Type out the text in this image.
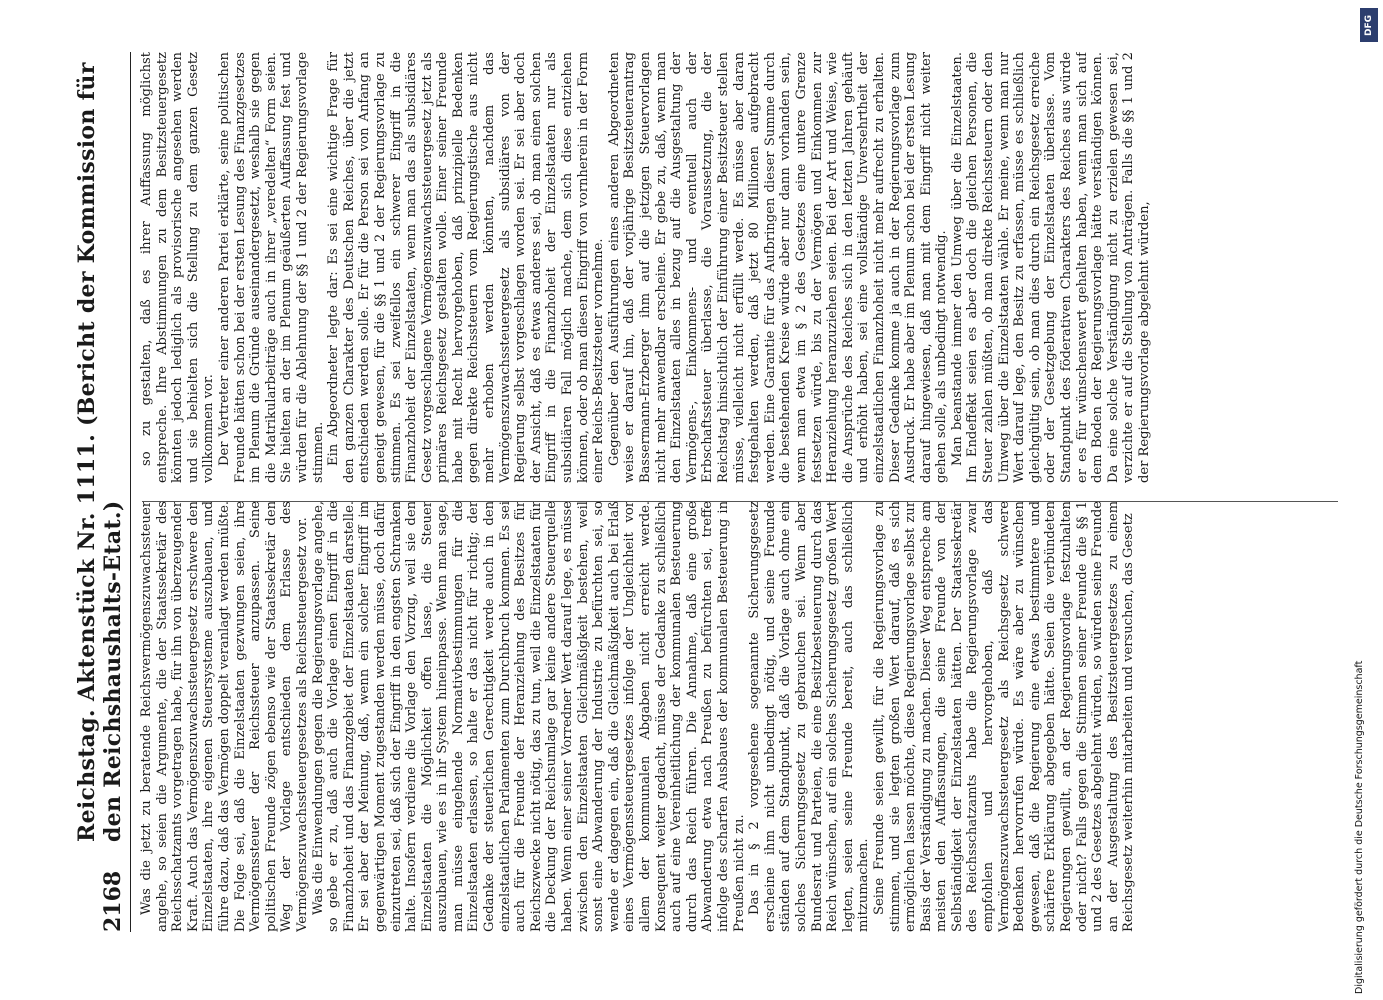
2168
Reichstag. Aktenstück Nr. 1111. (Bericht der Kommission für den Reichshaushalts-Etat.) Was die jetzt zu beratende Reichsvermögenszuwachssteuer angehe, so seien die Argumente, die der Staatssekretär des Reichsschatzamts vorgetragen habe, für ihn von überzeugender Kraft. Auch das Vermögenszuwachssteuergesetz erschwere den Einzelstaaten, ihre eigenen Steuersysteme auszubauen, und führe dazu, daß das Vermögen doppelt veranlagt werden müßte. Die Folge sei, daß die Einzelstaaten gezwungen seien, ihre Vermögenssteuer der Reichssteuer anzupassen. Seine politischen Freunde zögen ebenso wie der Staatssekretär den Weg der Vorlage entschieden dem Erlasse des Vermögenszuwachssteuergesetzes als Reichssteuergesetz vor. Was die Einwendungen gegen die Regierungsvorlage angehe, so gebe er zu, daß auch die Vorlage einen Eingriff in die Finanzhoheit und das Finanzgebiet der Einzelstaaten darstelle. Er sei aber der Meinung, daß, wenn ein solcher Eingriff im gegenwärtigen Moment zugestanden werden müsse, doch dafür einzutreten sei, daß sich der Eingriff in den engsten Schranken halte. Insofern verdiene die Vorlage den Vorzug, weil sie den Einzelstaaten die Möglichkeit offen lasse, die Steuer auszubauen, wie es in ihr System hineinpasse. Wenn man sage, man müsse eingehende Normativbestimmungen für die Einzelstaaten erlassen, so halte er das nicht für richtig; der Gedanke der steuerlichen Gerechtigkeit werde auch in den einzelstaatlichen Parlamenten zum Durchbruch kommen. Es sei auch für die Freunde der Heranziehung des Besitzes für Reichszwecke nicht nötig, das zu tun, weil die Einzelstaaten für die Deckung der Reichsumlage gar keine andere Steuerquelle haben. Wenn einer seiner Vorredner Wert darauf lege, es müsse zwischen den Einzelstaaten Gleichmäßigkeit bestehen, weil sonst eine Abwanderung der Industrie zu befürchten sei, so wende er dagegen ein, daß die Gleichmäßigkeit auch bei Erlaß eines Vermögenssteuergesetzes infolge der Ungleichheit vor allem der kommunalen Abgaben nicht erreicht werde. Konsequent weiter gedacht, müsse der Gedanke zu schließlich auch auf eine Vereinheitlichung der kommunalen Besteuerung durch das Reich führen. Die Annahme, daß eine große Abwanderung etwa nach Preußen zu befürchten sei, treffe infolge des scharfen Ausbaues der kommunalen Besteuerung in Preußen nicht zu. Das in § 2 vorgesehene sogenannte Sicherungsgesetz erscheine ihm nicht unbedingt nötig, und seine Freunde ständen auf dem Standpunkt, daß die Vorlage auch ohne ein solches Sicherungsgesetz zu gebrauchen sei. Wenn aber Bundesrat und Parteien, die eine Besitzbesteuerung durch das Reich wünschen, auf ein solches Sicherungsgesetz großen Wert legten, seien seine Freunde bereit, auch das schließlich mitzumachen. Seine Freunde seien gewillt, für die Regierungsvorlage zu stimmen, und sie legten großen Wert darauf, daß es sich ermöglichen lassen möchte, diese Regierungsvorlage selbst zur Basis der Verständigung zu machen. Dieser Weg entspreche am meisten den Auffassungen, die seine Freunde von der Selbständigkeit der Einzelstaaten hätten. Der Staatssekretär des Reichsschatzamts habe die Regierungsvorlage zwar empfohlen und hervorgehoben, daß das Vermögenszuwachssteuergesetz als Reichsgesetz schwere Bedenken hervorrufen würde. Es wäre aber zu wünschen gewesen, daß die Regierung eine etwas bestimmtere und schärfere Erklärung abgegeben hätte. Seien die verbündeten Regierungen gewillt, an der Regierungsvorlage festzuhalten oder nicht? Falls gegen die Stimmen seiner Freunde die §§ 1 und 2 des Gesetzes abgelehnt würden, so würden seine Freunde an der Ausgestaltung des Besitzsteuergesetzes zu einem Reichsgesetz weiterhin mitarbeiten und versuchen, das Gesetz

so zu gestalten, daß es ihrer Auffassung möglichst entspreche. Ihre Abstimmungen zu dem Besitzsteuergesetz könnten jedoch lediglich als provisorische angesehen werden und sie behielten sich die Stellung zu dem ganzen Gesetz vollkommen vor. Der Vertreter einer anderen Partei erklärte, seine politischen Freunde hätten schon bei der ersten Lesung des Finanzgesetzes im Plenum die Gründe auseinandergesetzt, weshalb sie gegen die Matrikularbeiträge auch in ihrer „veredelten“ Form seien. Sie hielten an der im Plenum geäußerten Auffassung fest und würden für die Ablehnung der §§ 1 und 2 der Regierungsvorlage stimmen. Ein Abgeordneter legte dar: Es sei eine wichtige Frage für den ganzen Charakter des Deutschen Reiches, über die jetzt entschieden werden solle. Er für die Person sei von Anfang an geneigt gewesen, für die §§ 1 und 2 der Regierungsvorlage zu stimmen. Es sei zweifellos ein schwerer Eingriff in die Finanzhoheit der Einzelstaaten, wenn man das als subsidiäres Gesetz vorgeschlagene Vermögenszuwachssteuergesetz jetzt als primäres Reichsgesetz gestalten wolle. Einer seiner Freunde habe mit Recht hervorgehoben, daß prinzipielle Bedenken gegen direkte Reichssteuern vom Regierungstische aus nicht mehr erhoben werden könnten, nachdem das Vermögenszuwachssteuergesetz als subsidiäres von der Regierung selbst vorgeschlagen worden sei. Er sei aber doch der Ansicht, daß es etwas anderes sei, ob man einen solchen Eingriff in die Finanzhoheit der Einzelstaaten nur als subsidiären Fall möglich mache, dem sich diese entziehen können, oder ob man diesen Eingriff von vornherein in der Form einer Reichs-Besitzsteuer vornehme. Gegenüber den Ausführungen eines anderen Abgeordneten weise er darauf hin, daß der vorjährige Besitzsteuerantrag Bassermann-Erzberger ihm auf die jetzigen Steuervorlagen nicht mehr anwendbar erscheine. Er gebe zu, daß, wenn man den Einzelstaaten alles in bezug auf die Ausgestaltung der Vermögens-, Einkommens- und eventuell auch der Erbschaftssteuer überlasse, die Voraussetzung, die der Reichstag hinsichtlich der Einführung einer Besitzsteuer stellen müsse, vielleicht nicht erfüllt werde. Es müsse aber daran festgehalten werden, daß jetzt 80 Millionen aufgebracht werden. Eine Garantie für das Aufbringen dieser Summe durch die bestehenden Kreise würde aber nur dann vorhanden sein, wenn man etwa im § 2 des Gesetzes eine untere Grenze festsetzen würde, bis zu der Vermögen und Einkommen zur Heranziehung heranzuziehen seien. Bei der Art und Weise, wie die Ansprüche des Reiches sich in den letzten Jahren gehäuft und erhöht haben, sei eine vollständige Unversehrtheit der einzelstaatlichen Finanzhoheit nicht mehr aufrecht zu erhalten. Dieser Gedanke komme ja auch in der Regierungsvorlage zum Ausdruck. Er habe aber im Plenum schon bei der ersten Lesung darauf hingewiesen, daß man mit dem Eingriff nicht weiter gehen solle, als unbedingt notwendig. Man beanstande immer den Umweg über die Einzelstaaten. Im Endeffekt seien es aber doch die gleichen Personen, die Steuer zahlen müßten, ob man direkte Reichssteuern oder den Umweg über die Einzelstaaten wähle. Er meine, wenn man nur Wert darauf lege, den Besitz zu erfassen, müsse es schließlich gleichgültig sein, ob man dies durch ein Reichsgesetz erreiche oder der Gesetzgebung der Einzelstaaten überlasse. Vom Standpunkt des föderativen Charakters des Reiches aus würde er es für wünschenswert gehalten haben, wenn man sich auf dem Boden der Regierungsvorlage hätte verständigen können. Da eine solche Verständigung nicht zu erzielen gewesen sei, verzichte er auf die Stellung von Anträgen. Falls die §§ 1 und 2 der Regierungsvorlage abgelehnt würden,

DFG
Digitalisierung gefördert durch die Deutsche Forschungsgemeinschaft
